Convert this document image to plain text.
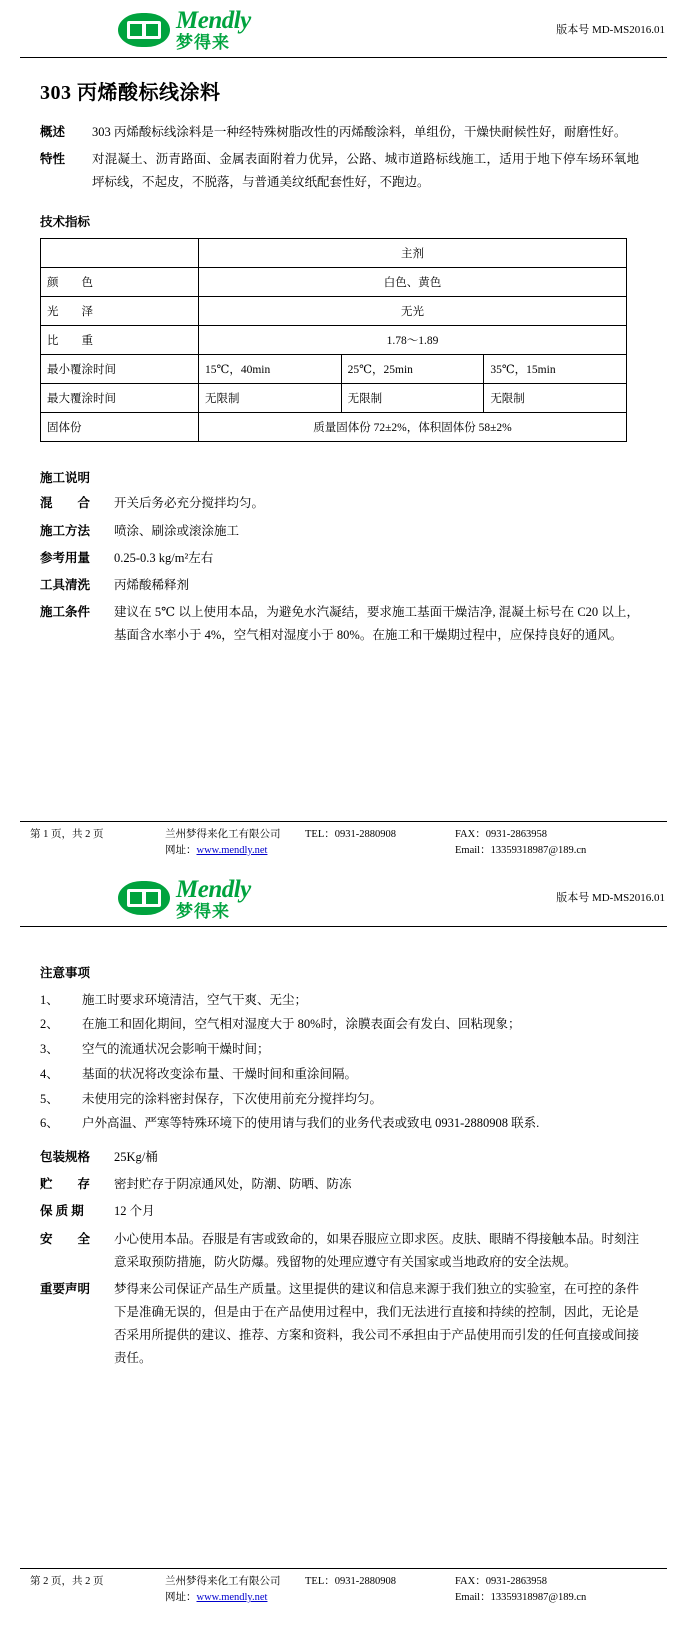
Mendly
梦得来
版本号 MD-MS2016.01
303 丙烯酸标线涂料
概述	303 丙烯酸标线涂料是一种经特殊树脂改性的丙烯酸涂料，单组份，干燥快耐候性好，耐磨性好。
特性	对混凝土、沥青路面、金属表面附着力优异，公路、城市道路标线施工，适用于地下停车场环氧地坪标线，不起皮，不脱落，与普通美纹纸配套性好，不跑边。
技术指标
	主剂		
颜　　色	白色、黄色		
光　　泽	无光		
比　　重	1.78～1.89		
最小覆涂时间	15℃，40min	25℃，25min	35℃，15min
最大覆涂时间	无限制	无限制	无限制
固体份	质量固体份 72±2%，体积固体份 58±2%		
施工说明
混　　合	开关后务必充分搅拌均匀。
施工方法	喷涂、刷涂或滚涂施工
参考用量	0.25-0.3 kg/m²左右
工具清洗	丙烯酸稀释剂
施工条件	建议在 5℃ 以上使用本品，为避免水汽凝结，要求施工基面干燥洁净, 混凝土标号在 C20 以上，基面含水率小于 4%，空气相对湿度小于 80%。在施工和干燥期过程中，应保持良好的通风。
第 1 页，共 2 页	兰州梦得来化工有限公司	TEL：0931-2880908	FAX：0931-2863958
网址：www.mendly.net	Email：13359318987@189.cn
Mendly
梦得来
版本号 MD-MS2016.01
注意事项
1、	施工时要求环境清洁，空气干爽、无尘；
2、	在施工和固化期间，空气相对湿度大于 80%时，涂膜表面会有发白、回粘现象；
3、	空气的流通状况会影响干燥时间；
4、	基面的状况将改变涂布量、干燥时间和重涂间隔。
5、	未使用完的涂料密封保存，下次使用前充分搅拌均匀。
6、	户外高温、严寒等特殊环境下的使用请与我们的业务代表或致电 0931-2880908 联系.
包装规格	25Kg/桶
贮　　存	密封贮存于阴凉通风处，防潮、防晒、防冻
保 质 期	12 个月
安　　全	小心使用本品。吞服是有害或致命的，如果吞服应立即求医。皮肤、眼睛不得接触本品。时刻注意采取预防措施，防火防爆。残留物的处理应遵守有关国家或当地政府的安全法规。
重要声明	梦得来公司保证产品生产质量。这里提供的建议和信息来源于我们独立的实验室，在可控的条件下是准确无误的，但是由于在产品使用过程中，我们无法进行直接和持续的控制，因此，无论是否采用所提供的建议、推荐、方案和资料，我公司不承担由于产品使用而引发的任何直接或间接责任。
第 2 页，共 2 页	兰州梦得来化工有限公司	TEL：0931-2880908	FAX：0931-2863958
网址：www.mendly.net	Email：13359318987@189.cn
